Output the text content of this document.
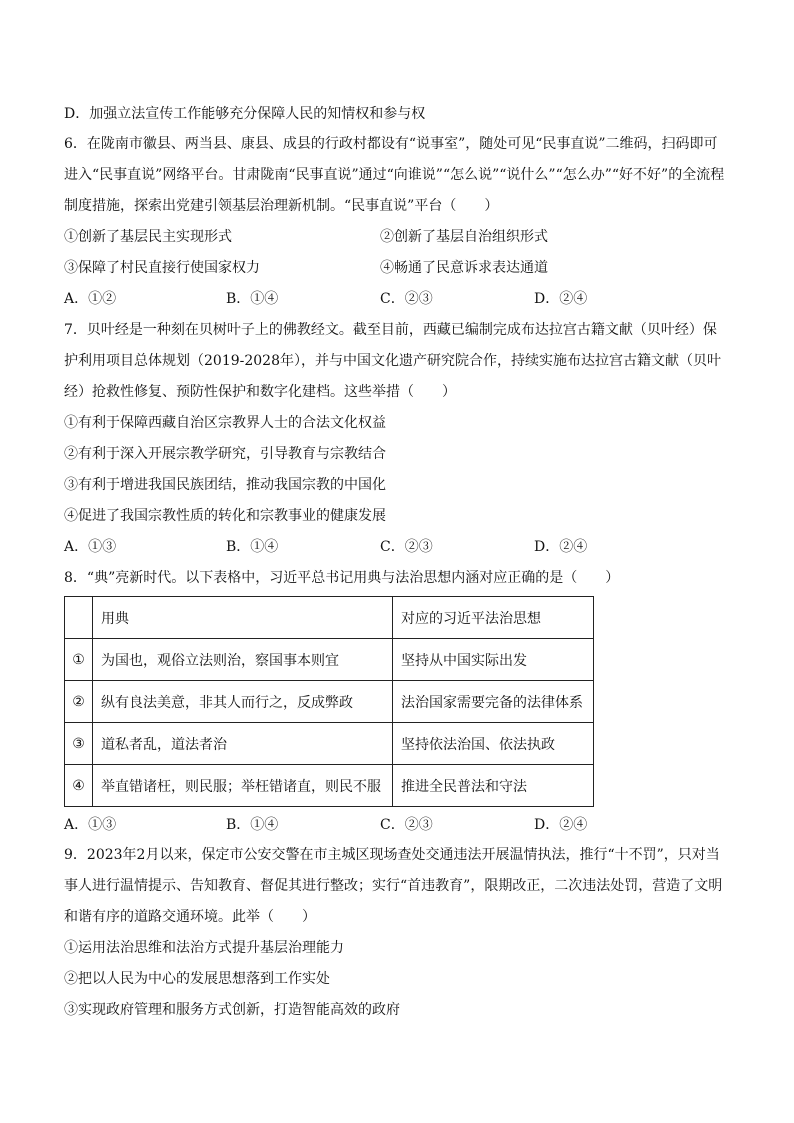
D．加强立法宣传工作能够充分保障人民的知情权和参与权
6．在陇南市徽县、两当县、康县、成县的行政村都设有“说事室”，随处可见“民事直说”二维码，扫码即可
进入“民事直说”网络平台。甘肃陇南“民事直说”通过“向谁说”“怎么说”“说什么”“怎么办”“好不好”的全流程
制度措施，探索出党建引领基层治理新机制。“民事直说”平台（　　）
①创新了基层民主实现形式	②创新了基层自治组织形式
③保障了村民直接行使国家权力	④畅通了民意诉求表达通道
A．①②	B．①④	C．②③	D．②④
7．贝叶经是一种刻在贝树叶子上的佛教经文。截至目前，西藏已编制完成布达拉宫古籍文献（贝叶经）保
护利用项目总体规划（2019-2028年），并与中国文化遗产研究院合作，持续实施布达拉宫古籍文献（贝叶
经）抢救性修复、预防性保护和数字化建档。这些举措（　　）
①有利于保障西藏自治区宗教界人士的合法文化权益
②有利于深入开展宗教学研究，引导教育与宗教结合
③有利于增进我国民族团结，推动我国宗教的中国化
④促进了我国宗教性质的转化和宗教事业的健康发展
A．①③	B．①④	C．②③	D．②④
8．“典”亮新时代。以下表格中，习近平总书记用典与法治思想内涵对应正确的是（　　）
	用典	对应的习近平法治思想
①	为国也，观俗立法则治，察国事本则宜	坚持从中国实际出发
②	纵有良法美意，非其人而行之，反成弊政	法治国家需要完备的法律体系
③	道私者乱，道法者治	坚持依法治国、依法执政
④	举直错诸枉，则民服；举枉错诸直，则民不服	推进全民普法和守法
A．①③	B．①④	C．②③	D．②④
9．2023年2月以来，保定市公安交警在市主城区现场查处交通违法开展温情执法，推行“十不罚”，只对当
事人进行温情提示、告知教育、督促其进行整改；实行“首违教育”，限期改正，二次违法处罚，营造了文明
和谐有序的道路交通环境。此举（　　）
①运用法治思维和法治方式提升基层治理能力
②把以人民为中心的发展思想落到工作实处
③实现政府管理和服务方式创新，打造智能高效的政府
